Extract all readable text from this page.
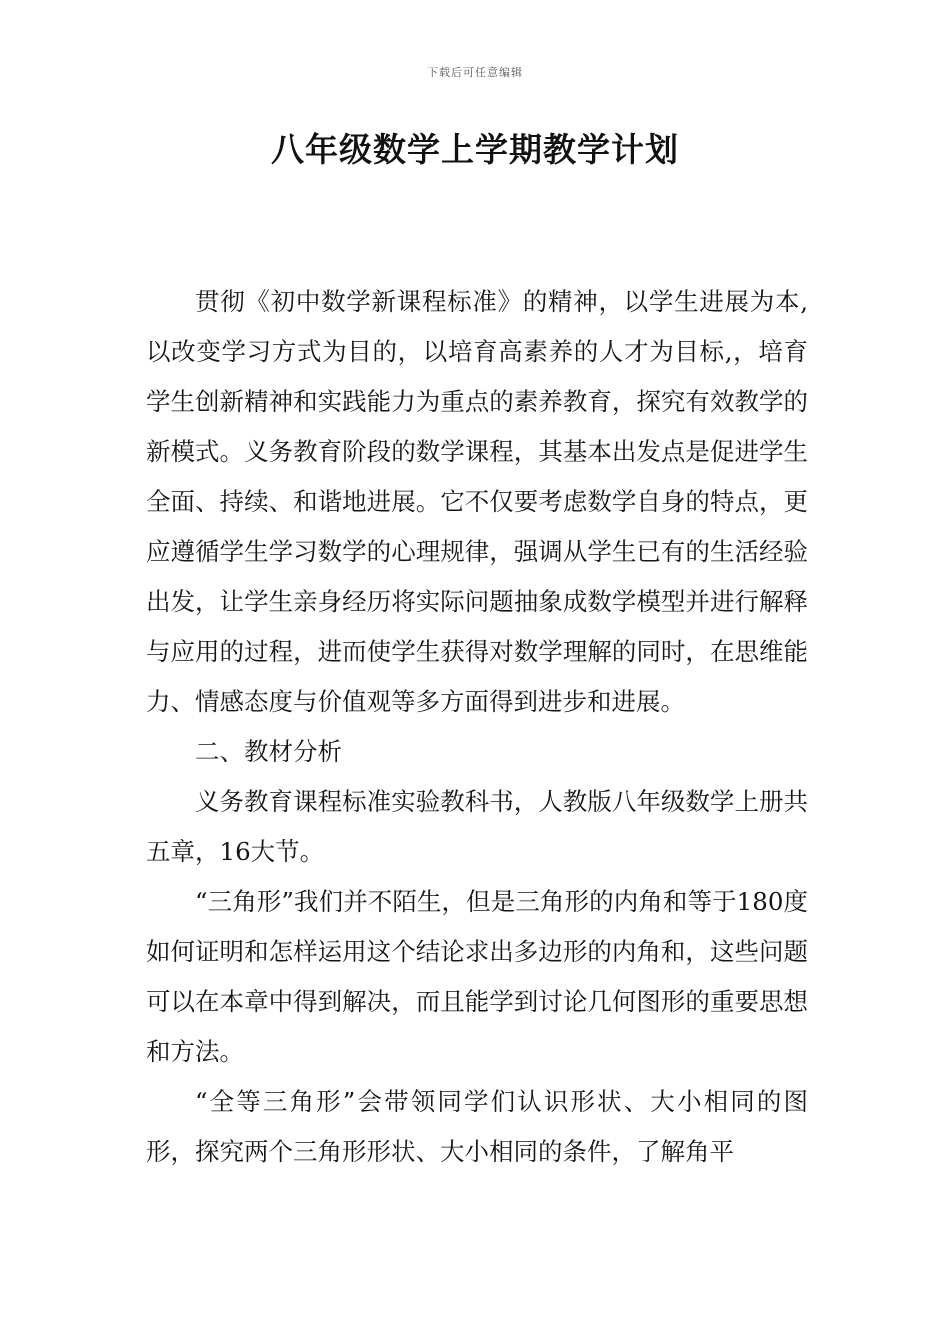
下载后可任意编辑
八年级数学上学期教学计划

贯彻《初中数学新课程标准》的精神，以学生进展为本,以改变学习方式为目的，以培育高素养的人才为目标,，培育学生创新精神和实践能力为重点的素养教育，探究有效教学的新模式。义务教育阶段的数学课程，其基本出发点是促进学生全面、持续、和谐地进展。它不仅要考虑数学自身的特点，更应遵循学生学习数学的心理规律，强调从学生已有的生活经验出发，让学生亲身经历将实际问题抽象成数学模型并进行解释与应用的过程，进而使学生获得对数学理解的同时，在思维能力、情感态度与价值观等多方面得到进步和进展。

二、教材分析

义务教育课程标准实验教科书，人教版八年级数学上册共五章，16大节。

“三角形”我们并不陌生，但是三角形的内角和等于180度如何证明和怎样运用这个结论求出多边形的内角和，这些问题可以在本章中得到解决，而且能学到讨论几何图形的重要思想和方法。

“全等三角形”会带领同学们认识形状、大小相同的图形，探究两个三角形形状、大小相同的条件，了解角平
